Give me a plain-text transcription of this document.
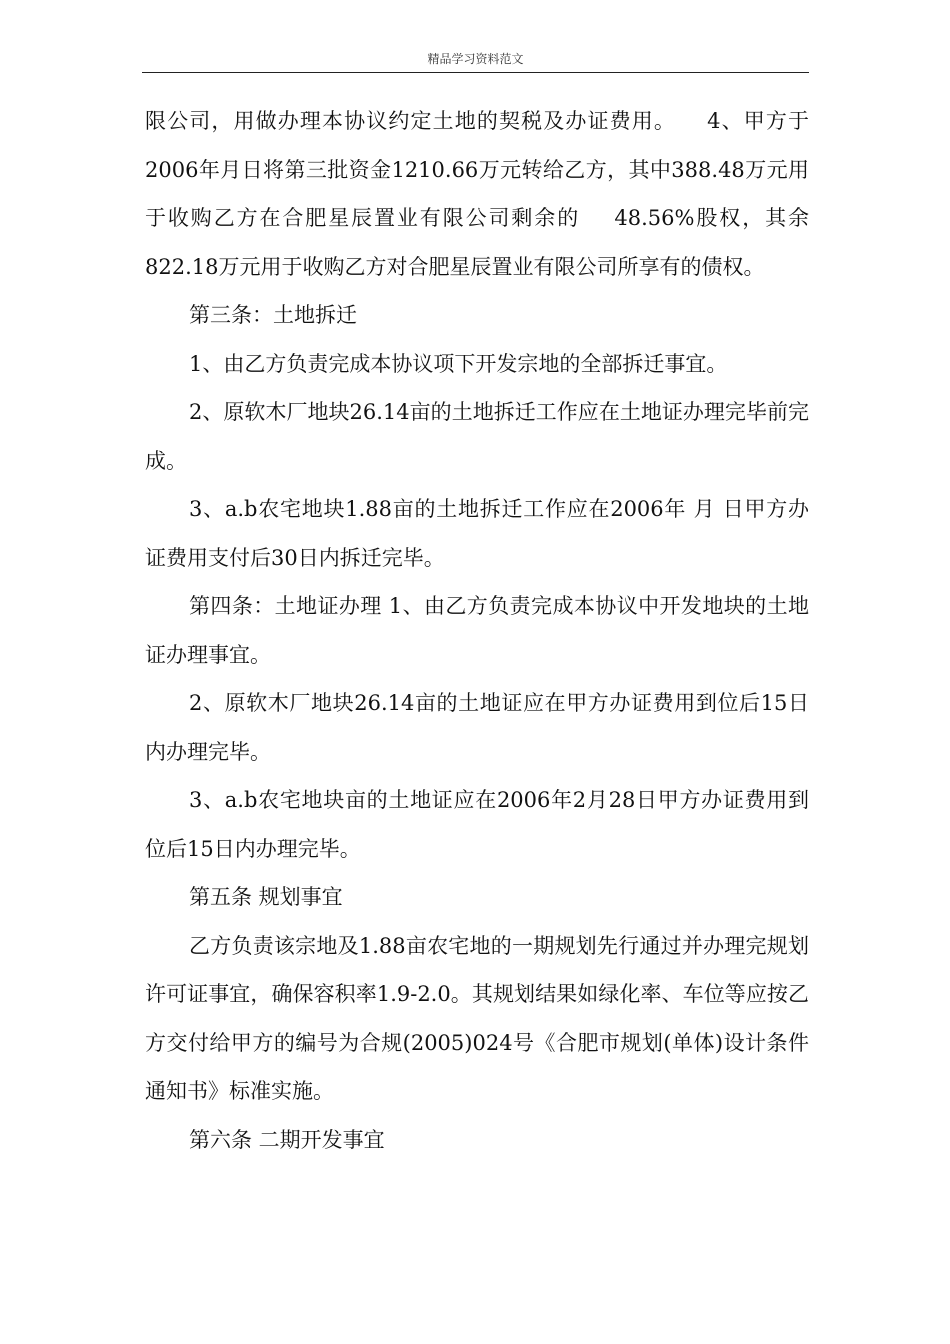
精品学习资料范文

限公司，用做办理本协议约定土地的契税及办证费用。    4、甲方于2006年月日将第三批资金1210.66万元转给乙方，其中388.48万元用于收购乙方在合肥星辰置业有限公司剩余的    48.56%股权，其余822.18万元用于收购乙方对合肥星辰置业有限公司所享有的债权。

第三条：土地拆迁

1、由乙方负责完成本协议项下开发宗地的全部拆迁事宜。

2、原软木厂地块26.14亩的土地拆迁工作应在土地证办理完毕前完成。

3、a.b农宅地块1.88亩的土地拆迁工作应在2006年 月 日甲方办证费用支付后30日内拆迁完毕。

第四条：土地证办理 1、由乙方负责完成本协议中开发地块的土地证办理事宜。

2、原软木厂地块26.14亩的土地证应在甲方办证费用到位后15日内办理完毕。

3、a.b农宅地块亩的土地证应在2006年2月28日甲方办证费用到位后15日内办理完毕。

第五条 规划事宜

乙方负责该宗地及1.88亩农宅地的一期规划先行通过并办理完规划许可证事宜，确保容积率1.9-2.0。其规划结果如绿化率、车位等应按乙方交付给甲方的编号为合规(2005)024号《合肥市规划(单体)设计条件通知书》标准实施。

第六条 二期开发事宜
